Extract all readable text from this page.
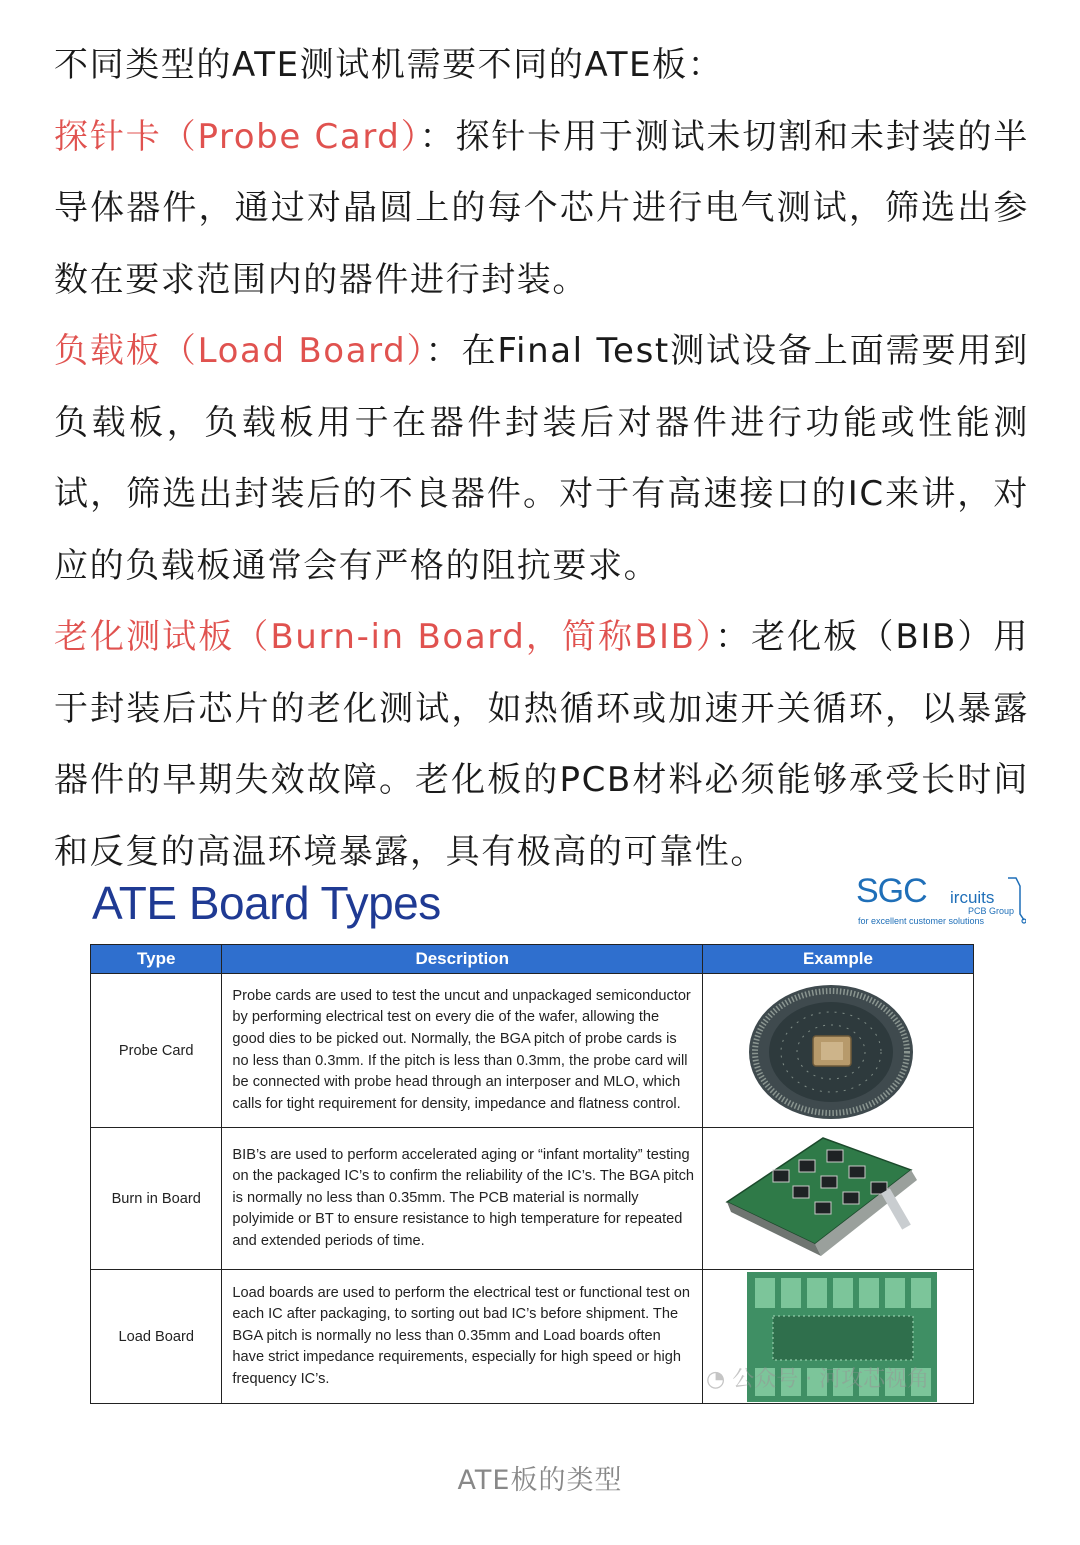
不同类型的ATE测试机需要不同的ATE板：

探针卡（Probe Card）：探针卡用于测试未切割和未封装的半导体器件，通过对晶圆上的每个芯片进行电气测试，筛选出参数在要求范围内的器件进行封装。

负载板（Load Board）：在Final Test测试设备上面需要用到负载板，负载板用于在器件封装后对器件进行功能或性能测试，筛选出封装后的不良器件。对于有高速接口的IC来讲，对应的负载板通常会有严格的阻抗要求。

老化测试板（Burn-in Board，简称BIB）：老化板（BIB）用于封装后芯片的老化测试，如热循环或加速开关循环，以暴露器件的早期失效故障。老化板的PCB材料必须能够承受长时间和反复的高温环境暴露，具有极高的可靠性。

ATE Board Types	SGC ircuits
PCB Group
for excellent customer solutions
Type	Description	Example
Probe Card	Probe cards are used to test the uncut and unpackaged semiconductor by performing electrical test on every die of the wafer, allowing the good dies to be picked out. Normally, the BGA pitch of probe cards is no less than 0.3mm. If the pitch is less than 0.3mm, the probe card will be connected with probe head through an interposer and MLO, which calls for tight requirement for density, impedance and flatness control.	

Burn in Board	BIB’s are used to perform accelerated aging or “infant mortality” testing on the packaged IC’s to confirm the reliability of the IC’s. The BGA pitch is normally no less than 0.35mm. The PCB material is normally polyimide or BT to ensure resistance to high temperature for repeated and extended periods of time.	

Load Board	Load boards are used to perform the electrical test or functional test on each IC after packaging, to sorting out bad IC’s before shipment. The BGA pitch is normally no less than 0.35mm and Load boards often have strict impedance requirements, especially for high speed or high frequency IC’s.		◔ 公众号 · 河攻芯视角
ATE板的类型
